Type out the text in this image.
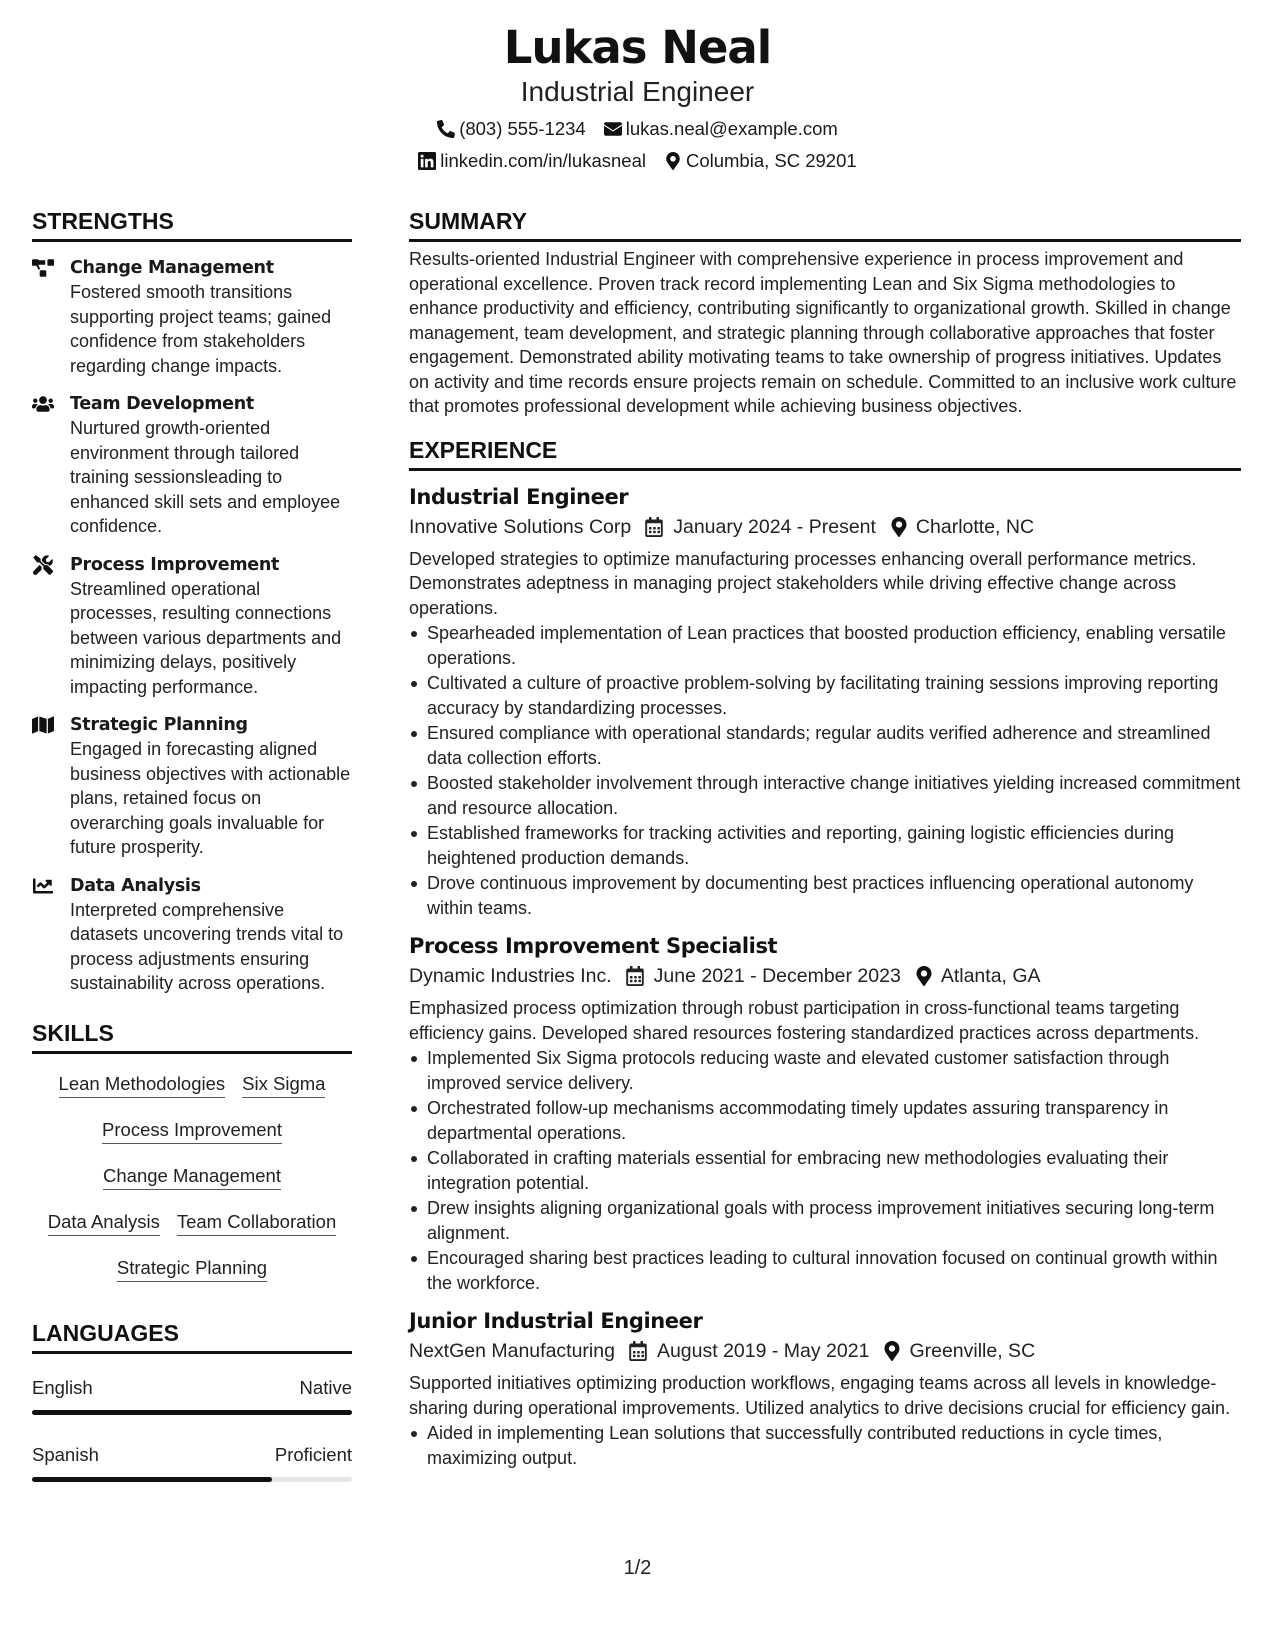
Lukas Neal
Industrial Engineer
(803) 555-1234 lukas.neal@example.com
linkedin.com/in/lukasneal Columbia, SC 29201
STRENGTHS
Change Management
Fostered smooth transitions supporting project teams; gained confidence from stakeholders regarding change impacts.
Team Development
Nurtured growth-oriented environment through tailored training sessionsleading to enhanced skill sets and employee confidence.
Process Improvement
Streamlined operational processes, resulting connections between various departments and minimizing delays, positively impacting performance.
Strategic Planning
Engaged in forecasting aligned business objectives with actionable plans, retained focus on overarching goals invaluable for future prosperity.
Data Analysis
Interpreted comprehensive datasets uncovering trends vital to process adjustments ensuring sustainability across operations.
SKILLS
Lean Methodologies Six Sigma
Process Improvement
Change Management
Data Analysis Team Collaboration
Strategic Planning
LANGUAGES
English	Native
Spanish	Proficient
SUMMARY
Results-oriented Industrial Engineer with comprehensive experience in process improvement and operational excellence. Proven track record implementing Lean and Six Sigma methodologies to enhance productivity and efficiency, contributing significantly to organizational growth. Skilled in change management, team development, and strategic planning through collaborative approaches that foster engagement. Demonstrated ability motivating teams to take ownership of progress initiatives. Updates on activity and time records ensure projects remain on schedule. Committed to an inclusive work culture that promotes professional development while achieving business objectives.
EXPERIENCE
Industrial Engineer
Innovative Solutions Corp January 2024 - Present Charlotte, NC
Developed strategies to optimize manufacturing processes enhancing overall performance metrics. Demonstrates adeptness in managing project stakeholders while driving effective change across operations.
Spearheaded implementation of Lean practices that boosted production efficiency, enabling versatile operations.
Cultivated a culture of proactive problem-solving by facilitating training sessions improving reporting accuracy by standardizing processes.
Ensured compliance with operational standards; regular audits verified adherence and streamlined data collection efforts.
Boosted stakeholder involvement through interactive change initiatives yielding increased commitment and resource allocation.
Established frameworks for tracking activities and reporting, gaining logistic efficiencies during heightened production demands.
Drove continuous improvement by documenting best practices influencing operational autonomy within teams.
Process Improvement Specialist
Dynamic Industries Inc. June 2021 - December 2023 Atlanta, GA
Emphasized process optimization through robust participation in cross-functional teams targeting efficiency gains. Developed shared resources fostering standardized practices across departments.
Implemented Six Sigma protocols reducing waste and elevated customer satisfaction through improved service delivery.
Orchestrated follow-up mechanisms accommodating timely updates assuring transparency in departmental operations.
Collaborated in crafting materials essential for embracing new methodologies evaluating their integration potential.
Drew insights aligning organizational goals with process improvement initiatives securing long-term alignment.
Encouraged sharing best practices leading to cultural innovation focused on continual growth within the workforce.
Junior Industrial Engineer
NextGen Manufacturing August 2019 - May 2021 Greenville, SC
Supported initiatives optimizing production workflows, engaging teams across all levels in knowledge-sharing during operational improvements. Utilized analytics to drive decisions crucial for efficiency gain.
Aided in implementing Lean solutions that successfully contributed reductions in cycle times, maximizing output.
1/2
